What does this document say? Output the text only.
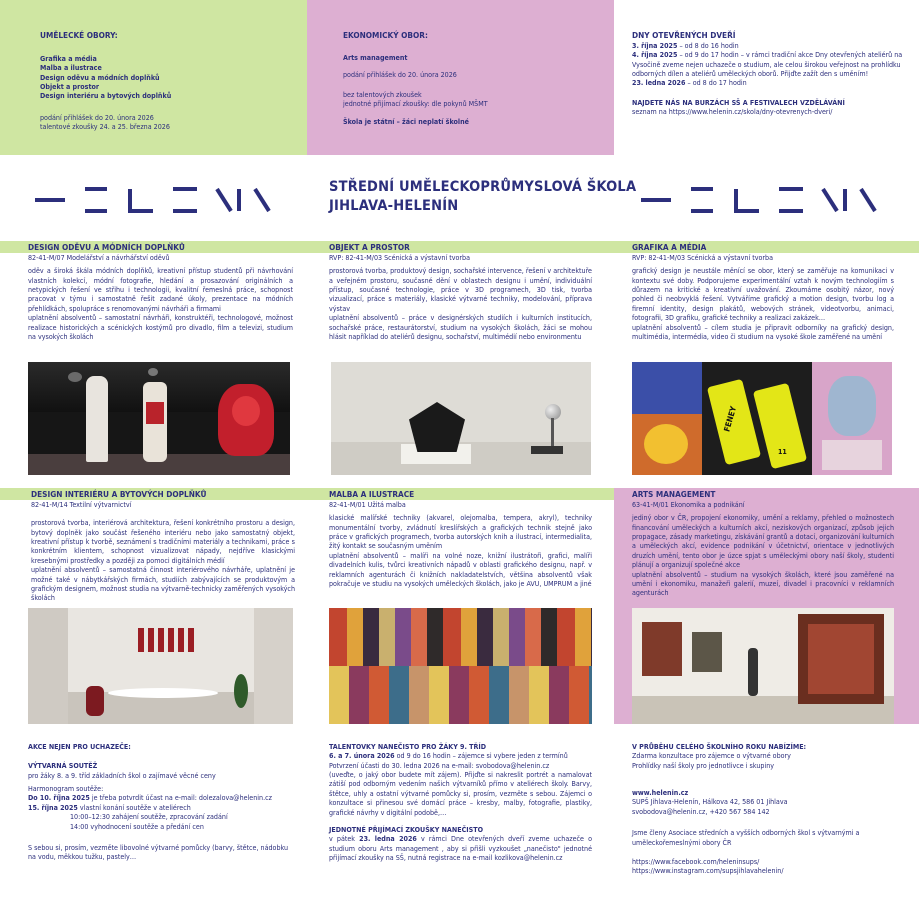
UMĚLECKÉ OBORY:
Grafika a média
Malba a ilustrace
Design oděvu a módních doplňků
Objekt a prostor
Design interiéru a bytových doplňků
podání přihlášek do 20. února 2026
talentové zkoušky 24. a 25. března 2026
EKONOMICKÝ OBOR:
Arts management
podání přihlášek do 20. února 2026
bez talentových zkoušek
jednotné přijímací zkoušky: dle pokynů MŠMT
Škola je státní – žáci neplatí školné
DNY OTEVŘENÝCH DVEŘÍ
3. října 2025 – od 8 do 16 hodin
4. října 2025 – od 9 do 17 hodin – v rámci tradiční akce Dny otevřených ateliérů na Vysočině zveme nejen uchazeče o studium, ale celou širokou veřejnost na prohlídku odborných dílen a ateliérů uměleckých oborů. Přijďte zažít den s uměním!
23. ledna 2026 – od 8 do 17 hodin
NAJDETE NÁS NA BURZÁCH SŠ A FESTIVALECH VZDĚLÁVÁNÍ
seznam na https://www.helenin.cz/skola/dny-otevrenych-dveri/
STŘEDNÍ UMĚLECKOPRŮMYSLOVÁ ŠKOLA
JIHLAVA-HELENÍN
DESIGN ODĚVU A MÓDNÍCH DOPLŇKŮ
82-41-M/07 Modelářství a návrhářství oděvů

oděv a široká škála módních doplňků, kreativní přístup studentů při návrhování vlastních kolekcí, módní fotografie, hledání a prosazování originálních a netypických řešení ve střihu i technologii, kvalitní řemeslná práce, schopnost pracovat v týmu i samostatně řešit zadané úkoly, prezentace na módních přehlídkách, spolupráce s renomovanými návrháři a firmami
uplatnění absolventů – samostatní návrháři, konstruktéři, technologové, možnost realizace historických a scénických kostýmů pro divadlo, film a televizi, studium na vysokých školách

OBJEKT A PROSTOR
RVP: 82-41-M/03 Scénická a výstavní tvorba

prostorová tvorba, produktový design, sochařské intervence, řešení v architektuře a veřejném prostoru, současné dění v oblastech designu i umění, individuální přístup, současné technologie, práce v 3D programech, 3D tisk, tvorba vizualizací, práce s materiály, klasické výtvarné techniky, modelování, příprava výstav
uplatnění absolventů – práce v designérských studiích i kulturních institucích, sochařské práce, restaurátorství, studium na vysokých školách, žáci se mohou hlásit například do ateliérů designu, sochařství, multimédií nebo environmentu

GRAFIKA A MÉDIA
RVP: 82-41-M/03 Scénická a výstavní tvorba

grafický design je neustále měnící se obor, který se zaměřuje na komunikaci v kontextu své doby. Podporujeme experimentální vztah k novým technologiím s důrazem na kritické a kreativní uvažování. Zkoumáme osobitý názor, nový pohled či neobvyklá řešení. Vytváříme grafický a motion design, tvorbu log a firemní identity, design plakátů, webových stránek, videotvorbu, animaci, fotografii, 3D grafiku, grafické techniky a realizaci zakázek…
uplatnění absolventů – cílem studia je připravit odborníky na grafický design, multimédia, intermédia, video či studium na vysoké škole zaměřené na umění

FENEY
11
DESIGN INTERIÉRU A BYTOVÝCH DOPLŇKŮ
82-41-M/14 Textilní výtvarnictví

prostorová tvorba, interiérová architektura, řešení konkrétního prostoru a design, bytový doplněk jako součást řešeného interiéru nebo jako samostatný objekt, kreativní přístup k tvorbě, seznámení s tradičními materiály a technikami, práce s konkrétním klientem, schopnost vizualizovat nápady, nejdříve klasickými kresebnými prostředky a později za pomoci digitálních médií
uplatnění absolventů – samostatná činnost interiérového návrháře, uplatnění je možné také v nábytkářských firmách, studiích zabývajících se produktovým a grafickým designem, možnost studia na výtvarně-technicky zaměřených vysokých školách

MALBA A ILUSTRACE
82-41-M/01 Užitá malba

klasické malířské techniky (akvarel, olejomalba, tempera, akryl), techniky monumentální tvorby, zvládnutí kreslířských a grafických technik stejně jako práce v grafických programech, tvorba autorských knih a ilustrací, intermedialita, žitý kontakt se současným uměním
uplatnění absolventů – malíři na volné noze, knižní ilustrátoři, grafici, malíři divadelních kulis, tvůrci kreativních nápadů v oblasti grafického designu, např. v reklamních agenturách či knižních nakladatelstvích, většina absolventů však pokračuje ve studiu na vysokých uměleckých školách, jako je AVU, UMPRUM a jiné

ARTS MANAGEMENT
63-41-M/01 Ekonomika a podnikání

jediný obor v ČR, propojení ekonomiky, umění a reklamy, přehled o možnostech financování uměleckých a kulturních akcí, neziskových organizací, způsob jejich propagace, zásady marketingu, získávání grantů a dotací, organizování kulturních a uměleckých akcí, evidence podnikání v účetnictví, orientace v jednotlivých druzích umění, tento obor je úzce spjat s uměleckými obory naší školy, studenti plánují a organizují společné akce
uplatnění absolventů – studium na vysokých školách, které jsou zaměřené na umění i ekonomiku, manažeři galerií, muzeí, divadel i pracovníci v reklamních agenturách

AKCE NEJEN PRO UCHAZEČE:
VÝTVARNÁ SOUTĚŽ
pro žáky 8. a 9. tříd základních škol o zajímavé věcné ceny
Harmonogram soutěže:
Do 10. října 2025 je třeba potvrdit účast na e-mail: dolezalova@helenin.cz
15. října 2025 vlastní konání soutěže v ateliérech
10:00–12:30 zahájení soutěže, zpracování zadání
14:00 vyhodnocení soutěže a předání cen

S sebou si, prosím, vezměte libovolné výtvarné pomůcky (barvy, štětce, nádobku na vodu, měkkou tužku, pastely…

TALENTOVKY NANEČISTO PRO ŽÁKY 9. TŘÍD
6. a 7. února 2026 od 9 do 16 hodin – zájemce si vybere jeden z termínů

Potvrzení účasti do 30. ledna 2026 na e-mail: svobodova@helenin.cz
(uveďte, o jaký obor budete mít zájem). Přijďte si nakreslit portrét a namalovat zátiší pod odborným vedením našich výtvarníků přímo v ateliérech školy. Barvy, štětce, uhly a ostatní výtvarné pomůcky si, prosím, vezměte s sebou. Zájemci o konzultace si přinesou své domácí práce – kresby, malby, fotografie, plastiky, grafické návrhy v digitální podobě,…

JEDNOTNÉ PŘIJÍMACÍ ZKOUŠKY NANEČISTO
v pátek 23. ledna 2026 v rámci Dne otevřených dveří zveme uchazeče o studium oboru Arts management , aby si přišli vyzkoušet „nanečisto" jednotné přijímací zkoušky na SŠ, nutná registrace na e-mail kozlikova@helenin.cz
V PRŮBĚHU CELÉHO ŠKOLNÍHO ROKU NABÍZÍME:
Zdarma konzultace pro zájemce o výtvarné obory
Prohlídky naší školy pro jednotlivce i skupiny
www.helenin.cz
SUPŠ Jihlava-Helenín, Hálkova 42, 586 01 Jihlava
svobodova@helenin.cz, +420 567 584 142

Jsme členy Asociace středních a vyšších odborných škol s výtvarnými a uměleckořemeslnými obory ČR

https://www.facebook.com/heleninsups/
https://www.instagram.com/supsjihlavahelenin/
